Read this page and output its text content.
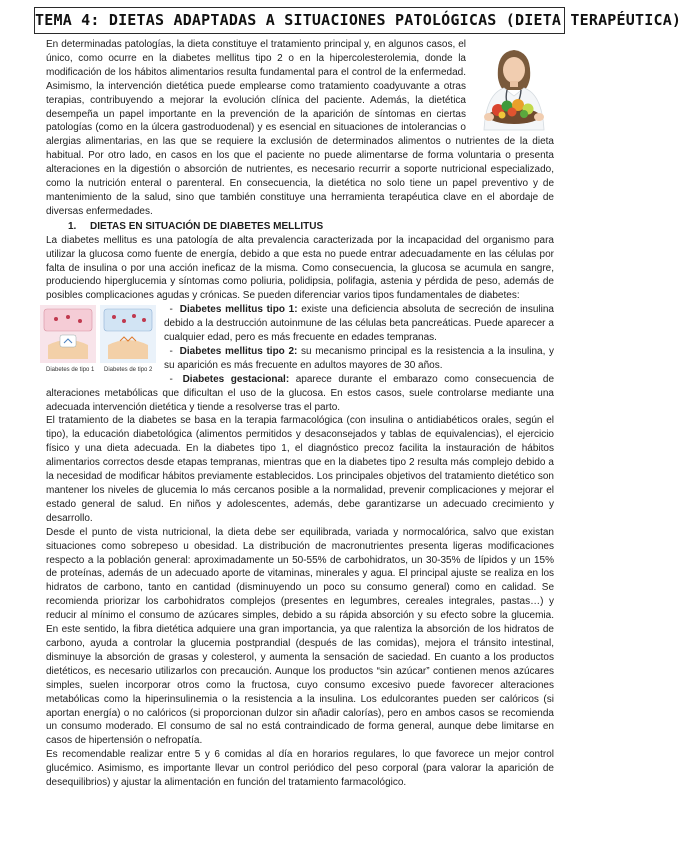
TEMA 4: DIETAS ADAPTADAS A SITUACIONES PATOLÓGICAS (DIETA TERAPÉUTICA)

En determinadas patologías, la dieta constituye el tratamiento principal y, en algunos casos, el único, como ocurre en la diabetes mellitus tipo 2 o en la hipercolesterolemia, donde la modificación de los hábitos alimentarios resulta fundamental para el control de la enfermedad. Asimismo, la intervención dietética puede emplearse como tratamiento coadyuvante a otras terapias, contribuyendo a mejorar la evolución clínica del paciente. Además, la dietética desempeña un papel importante en la prevención de la aparición de síntomas en ciertas patologías (como en la úlcera gastroduodenal) y es esencial en situaciones de intolerancias o alergias alimentarias, en las que se requiere la exclusión de determinados alimentos o nutrientes de la dieta habitual. Por otro lado, en casos en los que el paciente no puede alimentarse de forma voluntaria o presenta alteraciones en la digestión o absorción de nutrientes, es necesario recurrir a soporte nutricional especializado, como la nutrición enteral o parenteral. En consecuencia, la dietética no solo tiene un papel preventivo y de mantenimiento de la salud, sino que también constituye una herramienta terapéutica clave en el abordaje de diversas enfermedades.

1. DIETAS EN SITUACIÓN DE DIABETES MELLITUS

La diabetes mellitus es una patología de alta prevalencia caracterizada por la incapacidad del organismo para utilizar la glucosa como fuente de energía, debido a que esta no puede entrar adecuadamente en las células por falta de insulina o por una acción ineficaz de la misma. Como consecuencia, la glucosa se acumula en sangre, produciendo hiperglucemia y síntomas como poliuria, polidipsia, polifagia, astenia y pérdida de peso, además de posibles complicaciones agudas y crónicas. Se pueden diferenciar varios tipos fundamentales de diabetes:

Diabetes de tipo 1 Diabetes de tipo 2
- Diabetes mellitus tipo 1: existe una deficiencia absoluta de secreción de insulina debido a la destrucción autoinmune de las células beta pancreáticas. Puede aparecer a cualquier edad, pero es más frecuente en edades tempranas.
- Diabetes mellitus tipo 2: su mecanismo principal es la resistencia a la insulina, y su aparición es más frecuente en adultos mayores de 30 años.
- Diabetes gestacional: aparece durante el embarazo como consecuencia de alteraciones metabólicas que dificultan el uso de la glucosa. En estos casos, suele controlarse mediante una adecuada intervención dietética y tiende a resolverse tras el parto.

El tratamiento de la diabetes se basa en la terapia farmacológica (con insulina o antidiabéticos orales, según el tipo), la educación diabetológica (alimentos permitidos y desaconsejados y tablas de equivalencias), el ejercicio físico y una dieta adecuada. En la diabetes tipo 1, el diagnóstico precoz facilita la instauración de hábitos alimentarios correctos desde etapas tempranas, mientras que en la diabetes tipo 2 resulta más complejo debido a la necesidad de modificar hábitos previamente establecidos. Los principales objetivos del tratamiento dietético son mantener los niveles de glucemia lo más cercanos posible a la normalidad, prevenir complicaciones y mejorar el estado general de salud. En niños y adolescentes, además, debe garantizarse un adecuado crecimiento y desarrollo.

Desde el punto de vista nutricional, la dieta debe ser equilibrada, variada y normocalórica, salvo que existan situaciones como sobrepeso u obesidad. La distribución de macronutrientes presenta ligeras modificaciones respecto a la población general: aproximadamente un 50-55% de carbohidratos, un 30-35% de lípidos y un 15% de proteínas, además de un adecuado aporte de vitaminas, minerales y agua. El principal ajuste se realiza en los hidratos de carbono, tanto en cantidad (disminuyendo un poco su consumo general) como en calidad. Se recomienda priorizar los carbohidratos complejos (presentes en legumbres, cereales integrales, pastas…) y reducir al mínimo el consumo de azúcares simples, debido a su rápida absorción y su efecto sobre la glucemia. En este sentido, la fibra dietética adquiere una gran importancia, ya que ralentiza la absorción de los hidratos de carbono, ayuda a controlar la glucemia postprandial (después de las comidas), mejora el tránsito intestinal, disminuye la absorción de grasas y colesterol, y aumenta la sensación de saciedad. En cuanto a los productos dietéticos, es necesario utilizarlos con precaución. Aunque los productos “sin azúcar” contienen menos azúcares simples, suelen incorporar otros como la fructosa, cuyo consumo excesivo puede favorecer alteraciones metabólicas como la hiperinsulinemia o la resistencia a la insulina. Los edulcorantes pueden ser calóricos (si aportan energía) o no calóricos (si proporcionan dulzor sin añadir calorías), pero en ambos casos se recomienda un consumo moderado. El consumo de sal no está contraindicado de forma general, aunque debe limitarse en casos de hipertensión o nefropatía.

Es recomendable realizar entre 5 y 6 comidas al día en horarios regulares, lo que favorece un mejor control glucémico. Asimismo, es importante llevar un control periódico del peso corporal (para valorar la aparición de desequilibrios) y ajustar la alimentación en función del tratamiento farmacológico.
